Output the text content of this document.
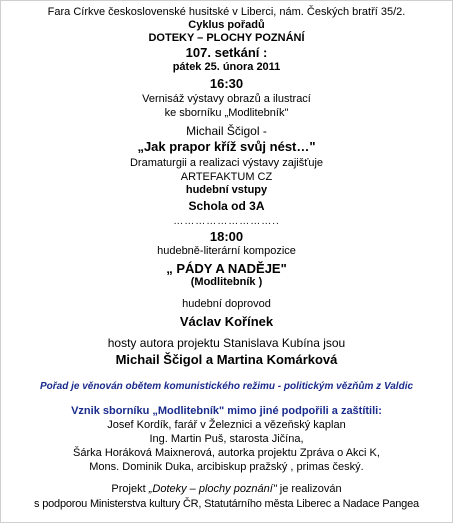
Fara Církve československé husitské v Liberci, nám. Českých bratří 35/2.
Cyklus pořadů
DOTEKY – PLOCHY POZNÁNÍ
107. setkání :
pátek 25. února 2011
16:30
Vernisáž výstavy obrazů a ilustrací
ke sborníku „Modlitebník"
Michail Ščigol -
„Jak prapor kříž svůj nést…"
Dramaturgii a realizaci výstavy zajišťuje
ARTEFAKTUM CZ
hudební vstupy
Schola od 3A
………………………..
18:00
hudebně-literární kompozice
„ PÁDY A NADĚJE"
(Modlitebník )
hudební doprovod
Václav Kořínek
hosty autora projektu Stanislava Kubína jsou
Michail Ščigol a Martina Komárková
Pořad je věnován obětem komunistického režimu - politickým vězňům z Valdic
Vznik sborníku „Modlitebník" mimo jiné podpořili a zaštítili:
Josef Kordík, farář v Železnici a vězeňský kaplan
Ing. Martin Puš, starosta Jičína,
Šárka Horáková Maixnerová, autorka projektu Zpráva o Akci K,
Mons. Dominik Duka, arcibiskup pražský , primas český.
Projekt „Doteky – plochy poznání" je realizován
s podporou Ministerstva kultury ČR, Statutárního města Liberec a Nadace Pangea
